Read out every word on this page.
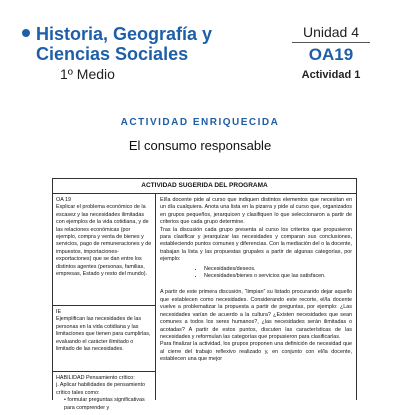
Historia, Geografía y
Ciencias Sociales
1º Medio
Unidad 4
OA19
Actividad 1
ACTIVIDAD ENRIQUECIDA
El consumo responsable
ACTIVIDAD SUGERIDA DEL PROGRAMA
OA 19
Explicar el problema económico de la escasez y las necesidades ilimitadas con ejemplos de la vida cotidiana, y de las relaciones económicas (por ejemplo, compra y venta de bienes y servicios, pago de remuneraciones y de impuestos, importaciones-exportaciones) que se dan entre los distintos agentes (personas, familias, empresas, Estado y resto del mundo).
IE
Ejemplifican las necesidades de las personas en la vida cotidiana y las limitaciones que tienen para cumplirlas, evaluando el carácter ilimitado o limitado de las necesidades.
HABILIDAD Pensamiento crítico:
j. Aplicar habilidades de pensamiento crítico tales como:
• formular preguntas significativas para comprender y

El/la docente pide al curso que indiquen distintos elementos que necesitan en un día cualquiera. Anota una lista en la pizarra y pide al curso que, organizados en grupos pequeños, jerarquicen y clasifiquen lo que seleccionaron a partir de criterios que cada grupo determine.

Tras la discusión cada grupo presenta al curso los criterios que propusieron para clasificar y jerarquizar las necesidades y comparan sus conclusiones, estableciendo puntos comunes y diferencias. Con la mediación del o la docente, trabajan la lista y las propuestas grupales a partir de algunas categorías, por ejemplo:

• Necesidades/deseos.
• Necesidades/bienes o servicios que las satisfacen.

A partir de este primera discusión, “limpian” su listado procurando dejar aquello que establecen como necesidades. Considerando este recorte, el/la docente vuelve a problematizar la propuesta a partir de preguntas, por ejemplo: ¿Las necesidades varían de acuerdo a la cultura? ¿Existen necesidades que sean comunes a todos los seres humanos?, ¿las necesidades serán ilimitadas o acotadas? A partir de estos puntos, discuten las características de las necesidades y reformulan las categorías que propusieron para clasificarlas.

Para finalizar la actividad, los grupos proponen una definición de necesidad que al cierre del trabajo reflexivo realizado y, en conjunto con el/la docente, establecen una que mejor
